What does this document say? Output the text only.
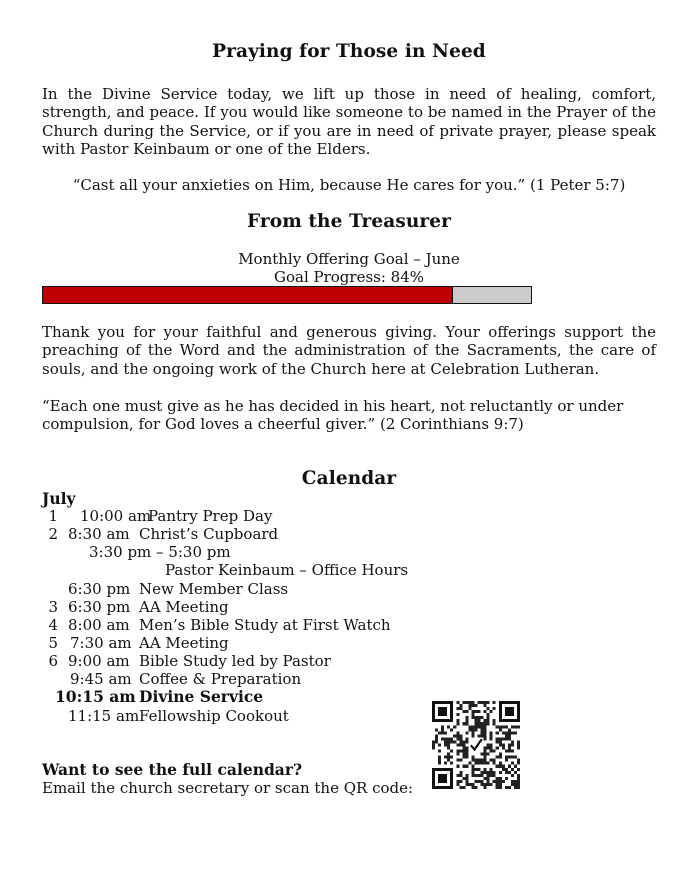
Praying for Those in Need

In the Divine Service today, we lift up those in need of healing, comfort, strength, and peace. If you would like someone to be named in the Prayer of the Church during the Service, or if you are in need of private prayer, please speak with Pastor Keinbaum or one of the Elders.

“Cast all your anxieties on Him, because He cares for you.” (1 Peter 5:7)

From the Treasurer

Monthly Offering Goal – June

Goal Progress: 84%

Thank you for your faithful and generous giving. Your offerings support the preaching of the Word and the administration of the Sacraments, the care of souls, and the ongoing work of the Church here at Celebration Lutheran.

“Each one must give as he has decided in his heart, not reluctantly or under compulsion, for God loves a cheerful giver.” (2 Corinthians 9:7)

Calendar
July
1 10:00 am
Pantry Prep Day
2 8:30 am Christ’s Cupboard
3:30 pm – 5:30 pm
Pastor Keinbaum – Office Hours
6:30 pm New Member Class
3 6:30 pm AA Meeting
4 8:00 am Men’s Bible Study at First Watch
5 7:30 am AA Meeting
6 9:00 am Bible Study led by Pastor
9:45 am Coffee & Preparation
10:15 am Divine Service
11:15 am Fellowship Cookout
Want to see the full calendar?
Email the church secretary or scan the QR code:
